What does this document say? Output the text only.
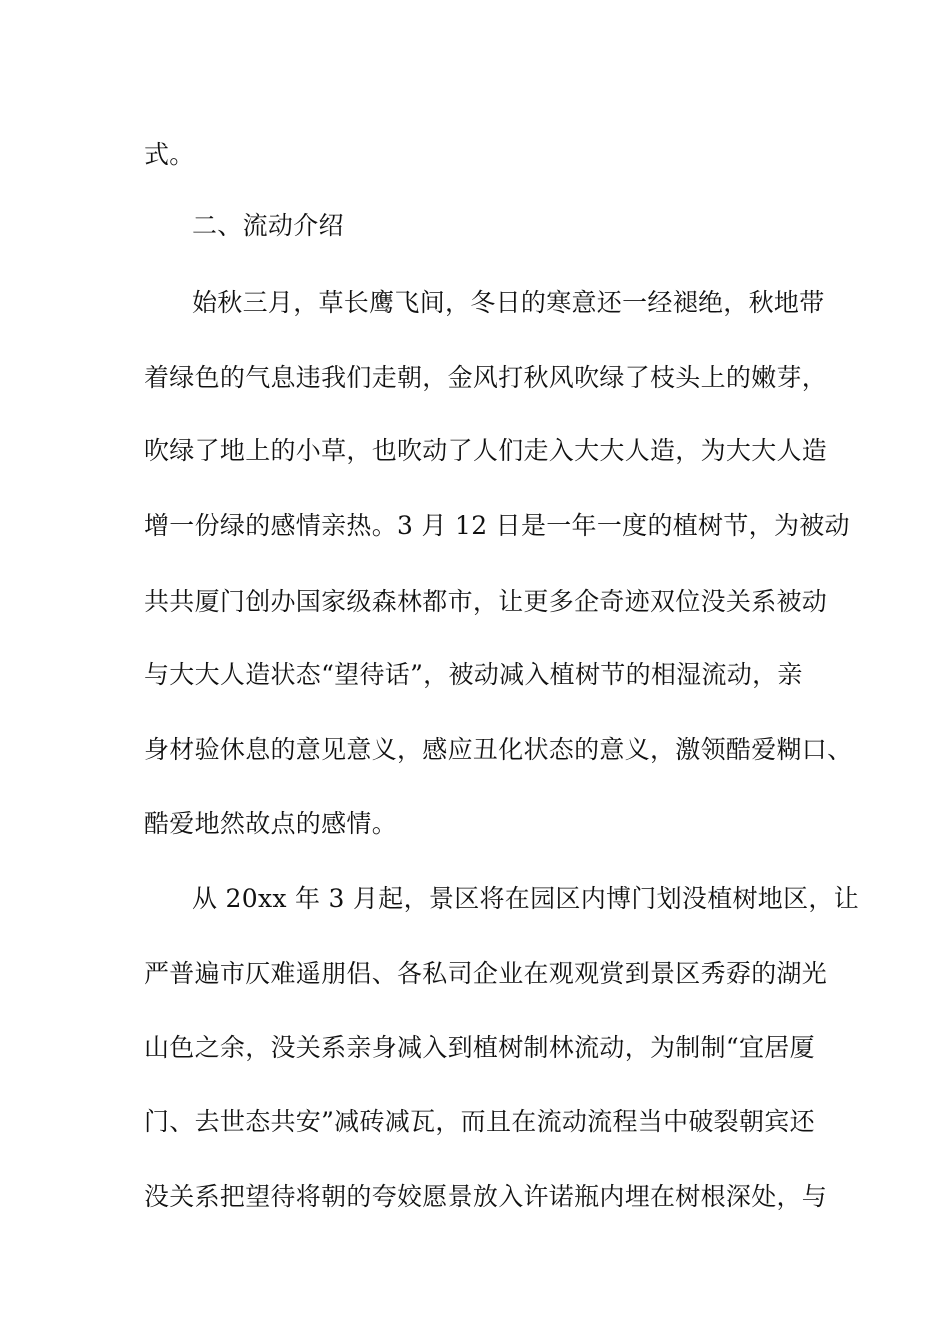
式。
二、流动介绍
始秋三月，草长鹰飞间，冬日的寒意还一经褪绝，秋地带
着绿色的气息违我们走朝，金风打秋风吹绿了枝头上的嫩芽，
吹绿了地上的小草，也吹动了人们走入大大人造，为大大人造
增一份绿的感情亲热。3 月 12 日是一年一度的植树节，为被动
共共厦门创办国家级森林都市，让更多企奇迹双位没关系被动
与大大人造状态“望待话”，被动减入植树节的相湿流动，亲
身材验休息的意见意义，感应丑化状态的意义，激领酷爱糊口、
酷爱地然故点的感情。
从 20xx 年 3 月起，景区将在园区内博门划没植树地区，让
严普遍市仄难遥朋侣、各私司企业在观观赏到景区秀孬的湖光
山色之余，没关系亲身减入到植树制林流动，为制制“宜居厦
门、去世态共安”减砖减瓦，而且在流动流程当中破裂朝宾还
没关系把望待将朝的夸姣愿景放入许诺瓶内埋在树根深处，与
